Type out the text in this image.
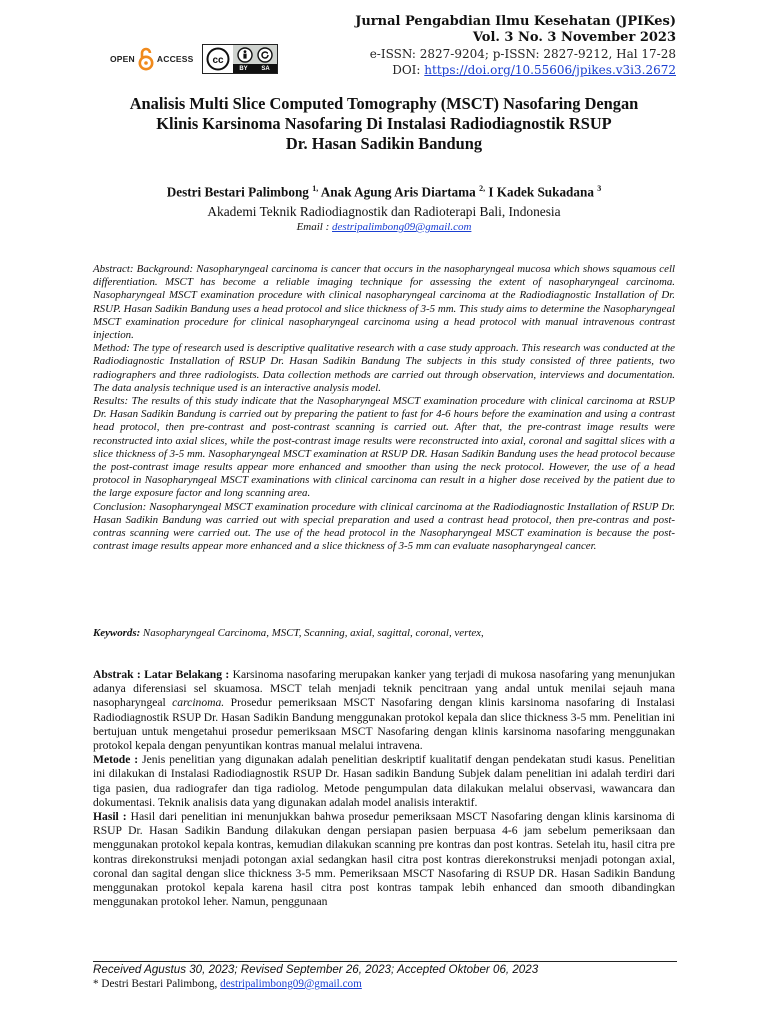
OPEN	ACCESS cc
BY SA
Jurnal Pengabdian Ilmu Kesehatan (JPIKes)
Vol. 3 No. 3 November 2023
e-ISSN: 2827-9204; p-ISSN: 2827-9212, Hal 17-28
DOI: https://doi.org/10.55606/jpikes.v3i3.2672
Analisis Multi Slice Computed Tomography (MSCT) Nasofaring Dengan
Klinis Karsinoma Nasofaring Di Instalasi Radiodiagnostik RSUP
Dr. Hasan Sadikin Bandung
Destri Bestari Palimbong $^{1,}$ Anak Agung Aris Diartama $^{2,}$ I Kadek Sukadana $^3$
Akademi Teknik Radiodiagnostik dan Radioterapi Bali, Indonesia
Email : destripalimbong09@gmail.com

Abstract: Background: Nasopharyngeal carcinoma is cancer that occurs in the nasopharyngeal mucosa which shows squamous cell differentiation. MSCT has become a reliable imaging technique for assessing the extent of nasopharyngeal carcinoma. Nasopharyngeal MSCT examination procedure with clinical nasopharyngeal carcinoma at the Radiodiagnostic Installation of Dr. RSUP. Hasan Sadikin Bandung uses a head protocol and slice thickness of 3-5 mm. This study aims to determine the Nasopharyngeal MSCT examination procedure for clinical nasopharyngeal carcinoma using a head protocol with manual intravenous contrast injection.

Method: The type of research used is descriptive qualitative research with a case study approach. This research was conducted at the Radiodiagnostic Installation of RSUP Dr. Hasan Sadikin Bandung The subjects in this study consisted of three patients, two radiographers and three radiologists. Data collection methods are carried out through observation, interviews and documentation. The data analysis technique used is an interactive analysis model.

Results: The results of this study indicate that the Nasopharyngeal MSCT examination procedure with clinical carcinoma at RSUP Dr. Hasan Sadikin Bandung is carried out by preparing the patient to fast for 4-6 hours before the examination and using a contrast head protocol, then pre-contrast and post-contrast scanning is carried out. After that, the pre-contrast image results were reconstructed into axial slices, while the post-contrast image results were reconstructed into axial, coronal and sagittal slices with a slice thickness of 3-5 mm. Nasopharyngeal MSCT examination at RSUP DR. Hasan Sadikin Bandung uses the head protocol because the post-contrast image results appear more enhanced and smoother than using the neck protocol. However, the use of a head protocol in Nasopharyngeal MSCT examinations with clinical carcinoma can result in a higher dose received by the patient due to the large exposure factor and long scanning area.

Conclusion: Nasopharyngeal MSCT examination procedure with clinical carcinoma at the Radiodiagnostic Installation of RSUP Dr. Hasan Sadikin Bandung was carried out with special preparation and used a contrast head protocol, then pre-contras and post-contras scanning were carried out. The use of the head protocol in the Nasopharyngeal MSCT examination is because the post-contrast image results appear more enhanced and a slice thickness of 3-5 mm can evaluate nasopharyngeal cancer.

Keywords: Nasopharyngeal Carcinoma, MSCT, Scanning, axial, sagittal, coronal, vertex,

Abstrak : Latar Belakang : Karsinoma nasofaring merupakan kanker yang terjadi di mukosa nasofaring yang menunjukan adanya diferensiasi sel skuamosa. MSCT telah menjadi teknik pencitraan yang andal untuk menilai sejauh mana nasopharyngeal carcinoma. Prosedur pemeriksaan MSCT Nasofaring dengan klinis karsinoma nasofaring di Instalasi Radiodiagnostik RSUP Dr. Hasan Sadikin Bandung menggunakan protokol kepala dan slice thickness 3-5 mm. Penelitian ini bertujuan untuk mengetahui prosedur pemeriksaan MSCT Nasofaring dengan klinis karsinoma nasofaring menggunakan protokol kepala dengan penyuntikan kontras manual melalui intravena.

Metode : Jenis penelitian yang digunakan adalah penelitian deskriptif kualitatif dengan pendekatan studi kasus. Penelitian ini dilakukan di Instalasi Radiodiagnostik RSUP Dr. Hasan sadikin Bandung Subjek dalam penelitian ini adalah terdiri dari tiga pasien, dua radiografer dan tiga radiolog. Metode pengumpulan data dilakukan melalui observasi, wawancara dan dokumentasi. Teknik analisis data yang digunakan adalah model analisis interaktif.

Hasil : Hasil dari penelitian ini menunjukkan bahwa prosedur pemeriksaan MSCT Nasofaring dengan klinis karsinoma di RSUP Dr. Hasan Sadikin Bandung dilakukan dengan persiapan pasien berpuasa 4-6 jam sebelum pemeriksaan dan menggunakan protokol kepala kontras, kemudian dilakukan scanning pre kontras dan post kontras. Setelah itu, hasil citra pre kontras direkonstruksi menjadi potongan axial sedangkan hasil citra post kontras dierekonstruksi menjadi potongan axial, coronal dan sagital dengan slice thickness 3-5 mm. Pemeriksaan MSCT Nasofaring di RSUP DR. Hasan Sadikin Bandung menggunakan protokol kepala karena hasil citra post kontras tampak lebih enhanced dan smooth dibandingkan menggunakan protokol leher. Namun, penggunaan

Received Agustus 30, 2023; Revised September 26, 2023; Accepted Oktober 06, 2023
* Destri Bestari Palimbong, destripalimbong09@gmail.com
